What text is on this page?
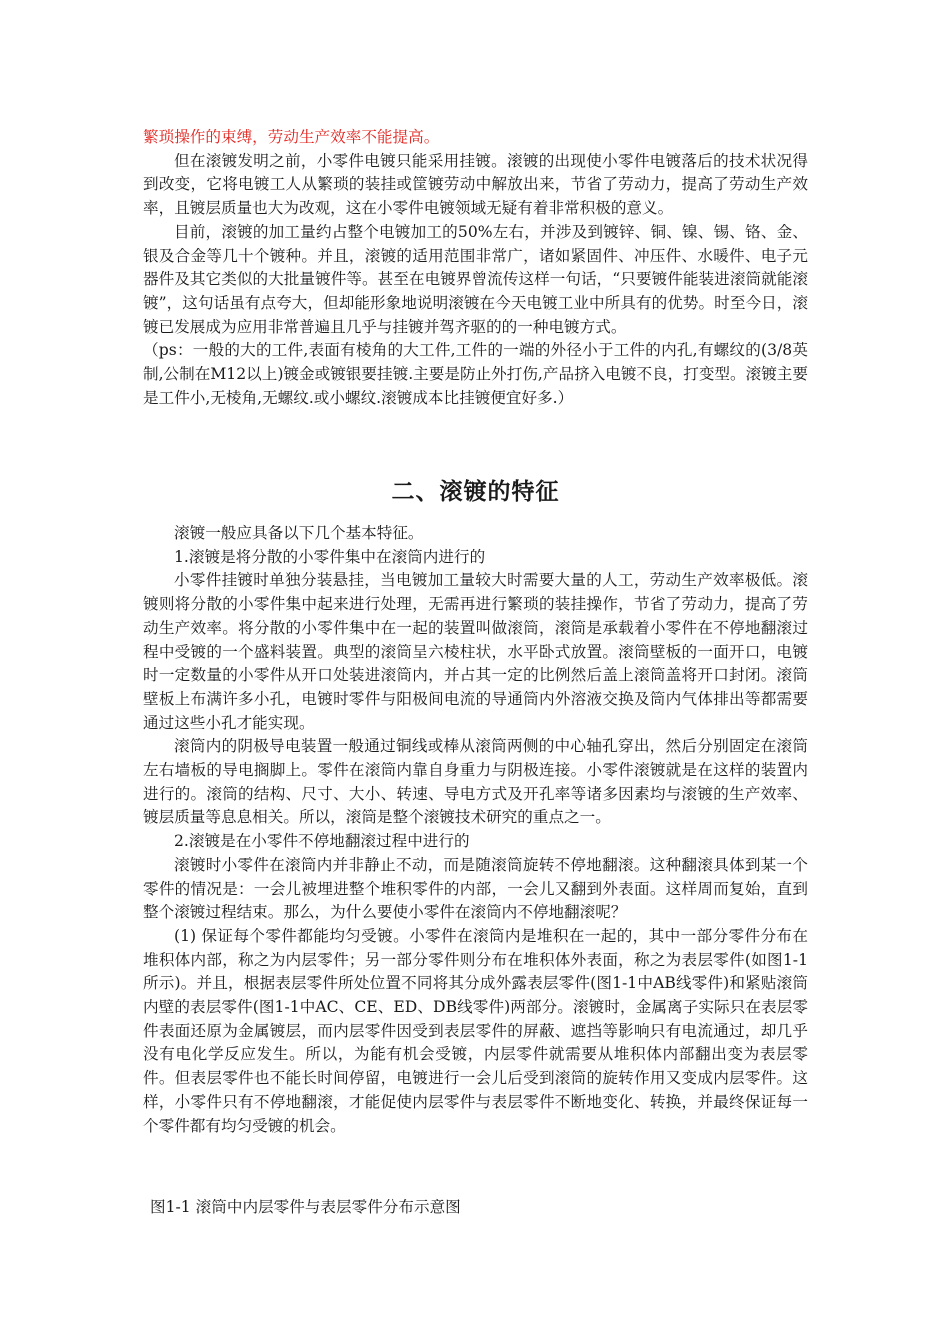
繁琐操作的束缚，劳动生产效率不能提高。

但在滚镀发明之前，小零件电镀只能采用挂镀。滚镀的出现使小零件电镀落后的技术状况得到改变，它将电镀工人从繁琐的装挂或筐镀劳动中解放出来，节省了劳动力，提高了劳动生产效率，且镀层质量也大为改观，这在小零件电镀领域无疑有着非常积极的意义。

目前，滚镀的加工量约占整个电镀加工的50%左右，并涉及到镀锌、铜、镍、锡、铬、金、银及合金等几十个镀种。并且，滚镀的适用范围非常广，诸如紧固件、冲压件、水暖件、电子元器件及其它类似的大批量镀件等。甚至在电镀界曾流传这样一句话，“只要镀件能装进滚筒就能滚镀”，这句话虽有点夸大，但却能形象地说明滚镀在今天电镀工业中所具有的优势。时至今日，滚镀已发展成为应用非常普遍且几乎与挂镀并驾齐驱的的一种电镀方式。

（ps：一般的大的工件,表面有棱角的大工件,工件的一端的外径小于工件的内孔,有螺纹的(3/8英制,公制在M12以上)镀金或镀银要挂镀.主要是防止外打伤,产品挤入电镀不良，打变型。滚镀主要是工件小,无棱角,无螺纹.或小螺纹.滚镀成本比挂镀便宜好多.）

二、滚镀的特征

滚镀一般应具备以下几个基本特征。

1.滚镀是将分散的小零件集中在滚筒内进行的

小零件挂镀时单独分装悬挂，当电镀加工量较大时需要大量的人工，劳动生产效率极低。滚镀则将分散的小零件集中起来进行处理，无需再进行繁琐的装挂操作，节省了劳动力，提高了劳动生产效率。将分散的小零件集中在一起的装置叫做滚筒，滚筒是承载着小零件在不停地翻滚过程中受镀的一个盛料装置。典型的滚筒呈六棱柱状，水平卧式放置。滚筒壁板的一面开口，电镀时一定数量的小零件从开口处装进滚筒内，并占其一定的比例然后盖上滚筒盖将开口封闭。滚筒壁板上布满许多小孔，电镀时零件与阳极间电流的导通筒内外溶液交换及筒内气体排出等都需要通过这些小孔才能实现。

滚筒内的阴极导电装置一般通过铜线或棒从滚筒两侧的中心轴孔穿出，然后分别固定在滚筒左右墙板的导电搁脚上。零件在滚筒内靠自身重力与阴极连接。小零件滚镀就是在这样的装置内进行的。滚筒的结构、尺寸、大小、转速、导电方式及开孔率等诸多因素均与滚镀的生产效率、镀层质量等息息相关。所以，滚筒是整个滚镀技术研究的重点之一。

2.滚镀是在小零件不停地翻滚过程中进行的

滚镀时小零件在滚筒内并非静止不动，而是随滚筒旋转不停地翻滚。这种翻滚具体到某一个零件的情况是：一会儿被埋进整个堆积零件的内部，一会儿又翻到外表面。这样周而复始，直到整个滚镀过程结束。那么，为什么要使小零件在滚筒内不停地翻滚呢？

(1) 保证每个零件都能均匀受镀。小零件在滚筒内是堆积在一起的，其中一部分零件分布在堆积体内部，称之为内层零件；另一部分零件则分布在堆积体外表面，称之为表层零件(如图1-1所示)。并且，根据表层零件所处位置不同将其分成外露表层零件(图1-1中AB线零件)和紧贴滚筒内壁的表层零件(图1-1中AC、CE、ED、DB线零件)两部分。滚镀时，金属离子实际只在表层零件表面还原为金属镀层，而内层零件因受到表层零件的屏蔽、遮挡等影响只有电流通过，却几乎没有电化学反应发生。所以，为能有机会受镀，内层零件就需要从堆积体内部翻出变为表层零件。但表层零件也不能长时间停留，电镀进行一会儿后受到滚筒的旋转作用又变成内层零件。这样，小零件只有不停地翻滚，才能促使内层零件与表层零件不断地变化、转换，并最终保证每一个零件都有均匀受镀的机会。

图1-1 滚筒中内层零件与表层零件分布示意图
